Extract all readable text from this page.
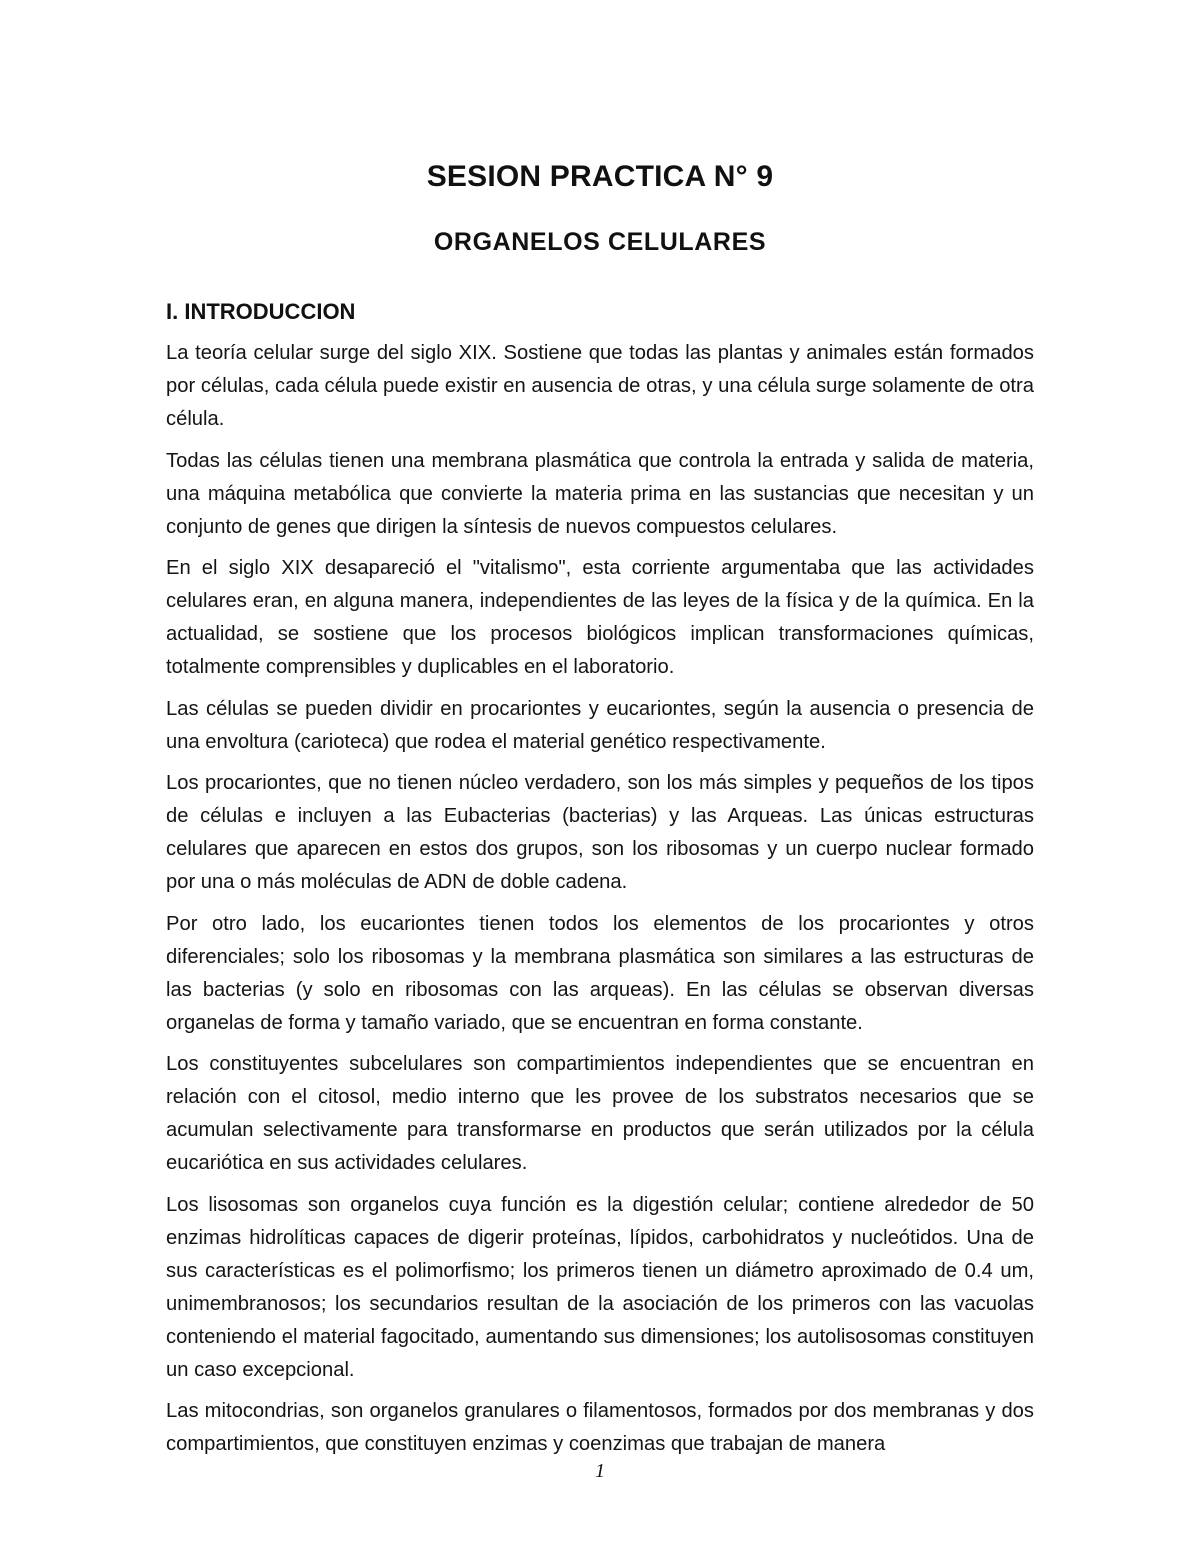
SESION PRACTICA N° 9
ORGANELOS CELULARES
I. INTRODUCCION

La teoría celular surge del siglo XIX. Sostiene que todas las plantas y animales están formados por células, cada célula puede existir en ausencia de otras, y una célula surge solamente de otra célula.

Todas las células tienen una membrana plasmática que controla la entrada y salida de materia, una máquina metabólica que convierte la materia prima en las sustancias que necesitan y un conjunto de genes que dirigen la síntesis de nuevos compuestos celulares.

En el siglo XIX desapareció el "vitalismo", esta corriente argumentaba que las actividades celulares eran, en alguna manera, independientes de las leyes de la física y de la química. En la actualidad, se sostiene que los procesos biológicos implican transformaciones químicas, totalmente comprensibles y duplicables en el laboratorio.

Las células se pueden dividir en procariontes y eucariontes, según la ausencia o presencia de una envoltura (carioteca) que rodea el material genético respectivamente.

Los procariontes, que no tienen núcleo verdadero, son los más simples y pequeños de los tipos de células e incluyen a las Eubacterias (bacterias) y las Arqueas. Las únicas estructuras celulares que aparecen en estos dos grupos, son los ribosomas y un cuerpo nuclear formado por una o más moléculas de ADN de doble cadena.

Por otro lado, los eucariontes tienen todos los elementos de los procariontes y otros diferenciales; solo los ribosomas y la membrana plasmática son similares a las estructuras de las bacterias (y solo en ribosomas con las arqueas). En las células se observan diversas organelas de forma y tamaño variado, que se encuentran en forma constante.

Los constituyentes subcelulares son compartimientos independientes que se encuentran en relación con el citosol, medio interno que les provee de los substratos necesarios que se acumulan selectivamente para transformarse en productos que serán utilizados por la célula eucariótica en sus actividades celulares.

Los lisosomas son organelos cuya función es la digestión celular; contiene alrededor de 50 enzimas hidrolíticas capaces de digerir proteínas, lípidos, carbohidratos y nucleótidos. Una de sus características es el polimorfismo; los primeros tienen un diámetro aproximado de 0.4 um, unimembranosos; los secundarios resultan de la asociación de los primeros con las vacuolas conteniendo el material fagocitado, aumentando sus dimensiones; los autolisosomas constituyen un caso excepcional.

Las mitocondrias, son organelos granulares o filamentosos, formados por dos membranas y dos compartimientos, que constituyen enzimas y coenzimas que trabajan de manera

1
